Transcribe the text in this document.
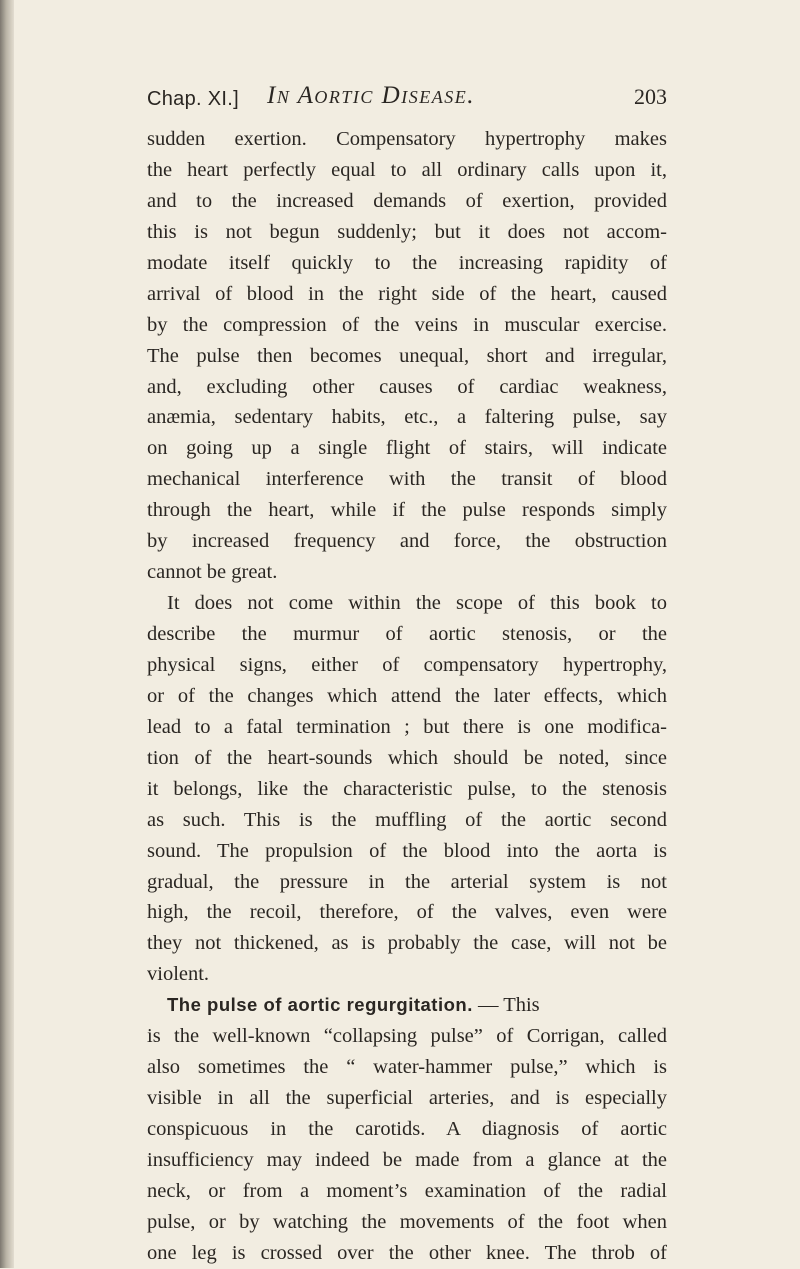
Chap. XI.] In Aortic Disease.	203
sudden exertion. Compensatory hypertrophy makes
the heart perfectly equal to all ordinary calls upon it,
and to the increased demands of exertion, provided
this is not begun suddenly; but it does not accom-
modate itself quickly to the increasing rapidity of
arrival of blood in the right side of the heart, caused
by the compression of the veins in muscular exercise.
The pulse then becomes unequal, short and irregular,
and, excluding other causes of cardiac weakness,
anæmia, sedentary habits, etc., a faltering pulse, say
on going up a single flight of stairs, will indicate
mechanical interference with the transit of blood
through the heart, while if the pulse responds simply
by increased frequency and force, the obstruction
cannot be great.
It does not come within the scope of this book to
describe the murmur of aortic stenosis, or the
physical signs, either of compensatory hypertrophy,
or of the changes which attend the later effects, which
lead to a fatal termination ; but there is one modifica-
tion of the heart-sounds which should be noted, since
it belongs, like the characteristic pulse, to the stenosis
as such. This is the muffling of the aortic second
sound. The propulsion of the blood into the aorta is
gradual, the pressure in the arterial system is not
high, the recoil, therefore, of the valves, even were
they not thickened, as is probably the case, will not be
violent.
The pulse of aortic regurgitation. — This
is the well-known “collapsing pulse” of Corrigan, called
also sometimes the “ water-hammer pulse,” which is
visible in all the superficial arteries, and is especially
conspicuous in the carotids. A diagnosis of aortic
insufficiency may indeed be made from a glance at the
neck, or from a moment’s examination of the radial
pulse, or by watching the movements of the foot when
one leg is crossed over the other knee. The throb of
